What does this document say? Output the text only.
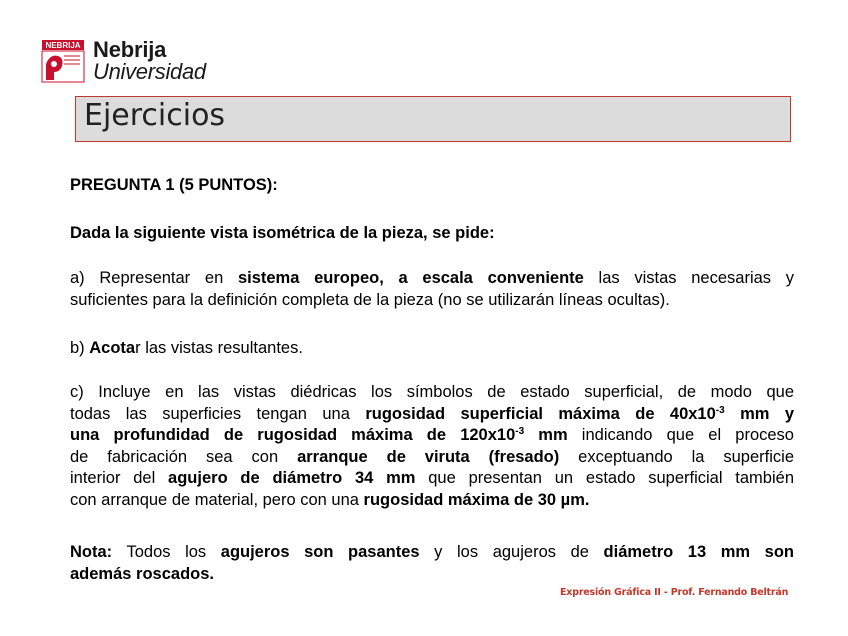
NEBRIJA Nebrija
Universidad
Ejercicios
PREGUNTA 1 (5 PUNTOS):
Dada la siguiente vista isométrica de la pieza, se pide:
a) Representar en sistema europeo, a escala conveniente las vistas necesarias y
suficientes para la definición completa de la pieza (no se utilizarán líneas ocultas).
b) Acotar las vistas resultantes.
c) Incluye en las vistas diédricas los símbolos de estado superficial, de modo que
todas las superficies tengan una rugosidad superficial máxima de $40x10^{-3}$ mm y
una profundidad de rugosidad máxima de $120x10^{-3}$ mm indicando que el proceso
de fabricación sea con arranque de viruta (fresado) exceptuando la superficie
interior del agujero de diámetro 34 mm que presentan un estado superficial también
con arranque de material, pero con una rugosidad máxima de 30 µm.
Nota: Todos los agujeros son pasantes y los agujeros de diámetro 13 mm son
además roscados.
Expresión Gráfica II - Prof. Fernando Beltrán
